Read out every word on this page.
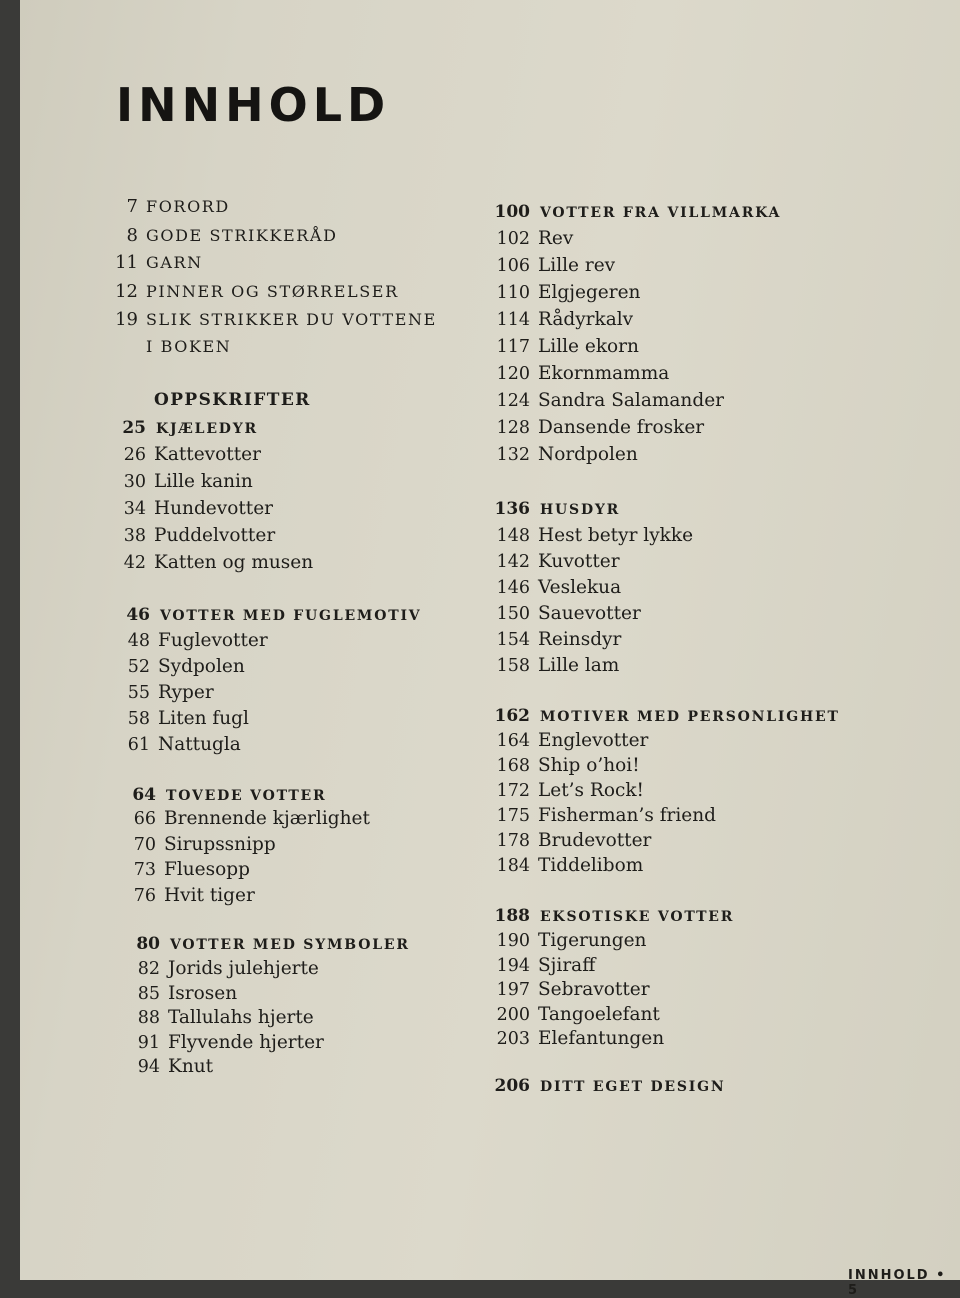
INNHOLD
7 FORORD
8 GODE STRIKKERÅD
11 GARN
12 PINNER OG STØRRELSER
19 SLIK STRIKKER DU VOTTENE
I BOKEN
OPPSKRIFTER
25 KJÆLEDYR
26 Kattevotter
30 Lille kanin
34 Hundevotter
38 Puddelvotter
42 Katten og musen
46 VOTTER MED FUGLEMOTIV
48 Fuglevotter
52 Sydpolen
55 Ryper
58 Liten fugl
61 Nattugla
64 TOVEDE VOTTER
66 Brennende kjærlighet
70 Sirupssnipp
73 Fluesopp
76 Hvit tiger
80 VOTTER MED SYMBOLER
82 Jorids julehjerte
85 Isrosen
88 Tallulahs hjerte
91 Flyvende hjerter
94 Knut
100 VOTTER FRA VILLMARKA
102 Rev
106 Lille rev
110 Elgjegeren
114 Rådyrkalv
117 Lille ekorn
120 Ekornmamma
124 Sandra Salamander
128 Dansende frosker
132 Nordpolen
136 HUSDYR
148 Hest betyr lykke
142 Kuvotter
146 Veslekua
150 Sauevotter
154 Reinsdyr
158 Lille lam
162 MOTIVER MED PERSONLIGHET
164 Englevotter
168 Ship o’hoi!
172 Let’s Rock!
175 Fisherman’s friend
178 Brudevotter
184 Tiddelibom
188 EKSOTISKE VOTTER
190 Tigerungen
194 Sjiraff
197 Sebravotter
200 Tangoelefant
203 Elefantungen
206 DITT EGET DESIGN
INNHOLD • 5
